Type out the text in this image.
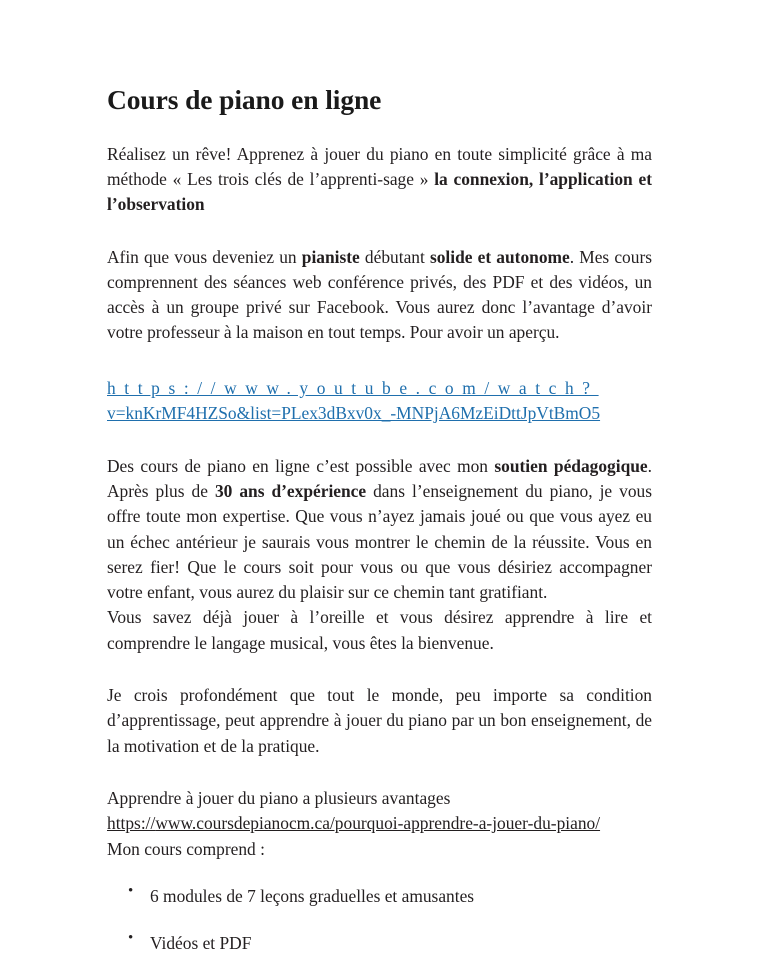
Cours de piano en ligne

Réalisez un rêve! Apprenez à jouer du piano en toute simplicité grâce à ma méthode « Les trois clés de l’apprenti-sage » la connexion, l’application et l’observation

Afin que vous deveniez un pianiste débutant solide et autonome. Mes cours comprennent des séances web conférence privés, des PDF et des vidéos, un accès à un groupe privé sur Facebook. Vous aurez donc l’avantage d’avoir votre professeur à la maison en tout temps. Pour avoir un aperçu.

https://www.youtube.com/watch?
v=knKrMF4HZSo&list=PLex3dBxv0x_-MNPjA6MzEiDttJpVtBmO5

Des cours de piano en ligne c’est possible avec mon soutien pédagogique. Après plus de 30 ans d’expérience dans l’enseignement du piano, je vous offre toute mon expertise. Que vous n’ayez jamais joué ou que vous ayez eu un échec antérieur je saurais vous montrer le chemin de la réussite. Vous en serez fier! Que le cours soit pour vous ou que vous désiriez accompagner votre enfant, vous aurez du plaisir sur ce chemin tant gratifiant.

Vous savez déjà jouer à l’oreille et vous désirez apprendre à lire et comprendre le langage musical, vous êtes la bienvenue.

Je crois profondément que tout le monde, peu importe sa condition d’apprentissage, peut apprendre à jouer du piano par un bon enseignement, de la motivation et de la pratique.

Apprendre à jouer du piano a plusieurs avantages https://www.coursdepianocm.ca/pourquoi-apprendre-a-jouer-du-piano/

Mon cours comprend :

• 6 modules de 7 leçons graduelles et amusantes
• Vidéos et PDF
